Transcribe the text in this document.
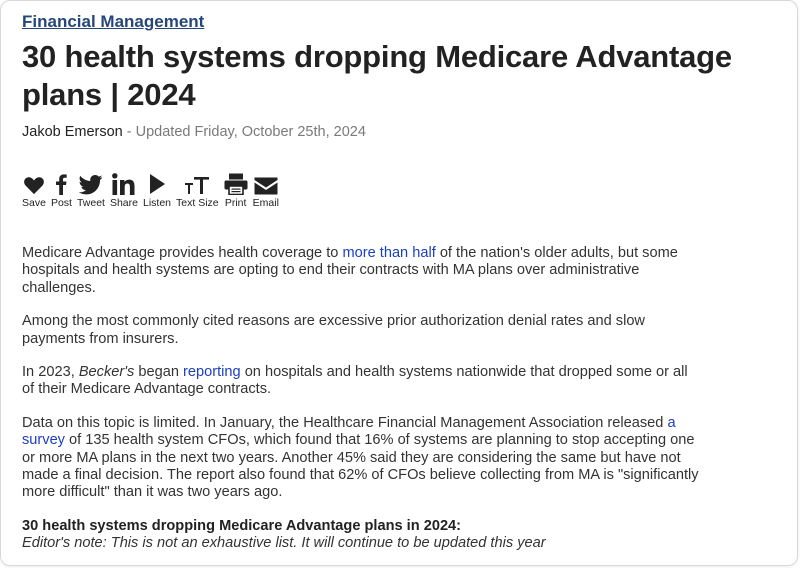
Financial Management
30 health systems dropping Medicare Advantage plans | 2024
Jakob Emerson - Updated Friday, October 25th, 2024
Save Post Tweet Share Listen Text Size Print Email

Medicare Advantage provides health coverage to more than half of the nation's older adults, but some hospitals and health systems are opting to end their contracts with MA plans over administrative challenges.

Among the most commonly cited reasons are excessive prior authorization denial rates and slow payments from insurers.

In 2023, Becker's began reporting on hospitals and health systems nationwide that dropped some or all of their Medicare Advantage contracts.

Data on this topic is limited. In January, the Healthcare Financial Management Association released a survey of 135 health system CFOs, which found that 16% of systems are planning to stop accepting one or more MA plans in the next two years. Another 45% said they are considering the same but have not made a final decision. The report also found that 62% of CFOs believe collecting from MA is "significantly more difficult" than it was two years ago.

30 health systems dropping Medicare Advantage plans in 2024:
Editor's note: This is not an exhaustive list. It will continue to be updated this year
